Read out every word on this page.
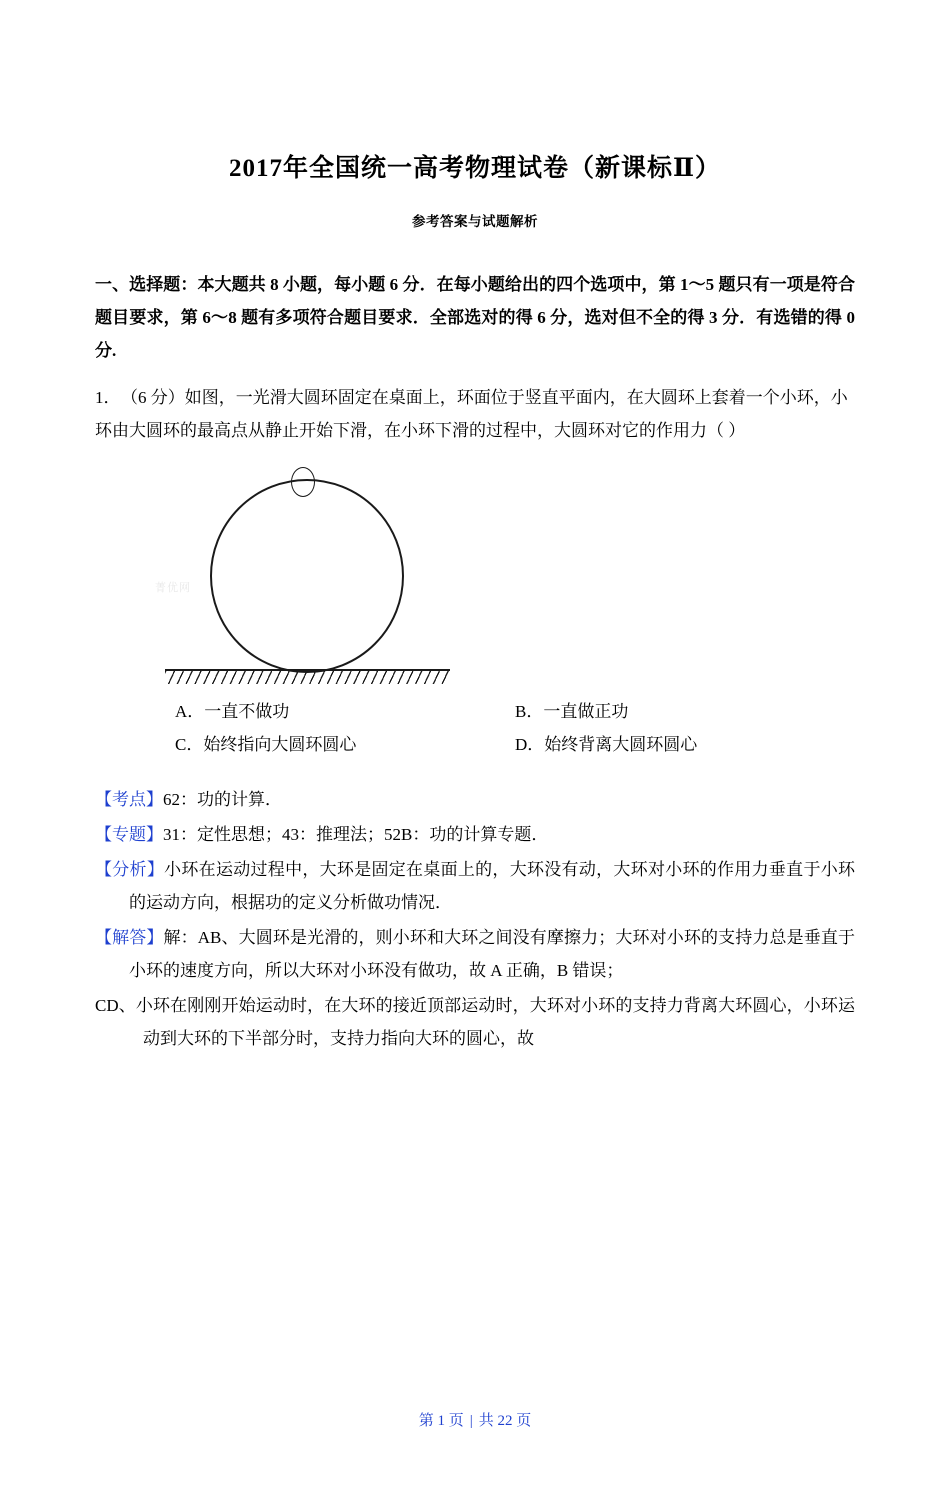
2017年全国统一高考物理试卷（新课标Ⅱ）
参考答案与试题解析
一、选择题：本大题共 8 小题，每小题 6 分．在每小题给出的四个选项中，第 1～5 题只有一项是符合题目要求，第 6～8 题有多项符合题目要求．全部选对的得 6 分，选对但不全的得 3 分．有选错的得 0 分.
1． （6 分）如图，一光滑大圆环固定在桌面上，环面位于竖直平面内，在大圆环上套着一个小环，小环由大圆环的最高点从静止开始下滑，在小环下滑的过程中，大圆环对它的作用力（ ）
菁优网
A．一直不做功	B．一直做正功
C．始终指向大圆环圆心	D．始终背离大圆环圆心
【考点】62：功的计算．
【专题】31：定性思想；43：推理法；52B：功的计算专题．
【分析】小环在运动过程中，大环是固定在桌面上的，大环没有动，大环对小环的作用力垂直于小环的运动方向，根据功的定义分析做功情况．
【解答】解：AB、大圆环是光滑的，则小环和大环之间没有摩擦力；大环对小环的支持力总是垂直于小环的速度方向，所以大环对小环没有做功，故 A 正确，B 错误；
CD、小环在刚刚开始运动时，在大环的接近顶部运动时，大环对小环的支持力背离大环圆心，小环运动到大环的下半部分时，支持力指向大环的圆心，故
第 1 页 | 共 22 页
